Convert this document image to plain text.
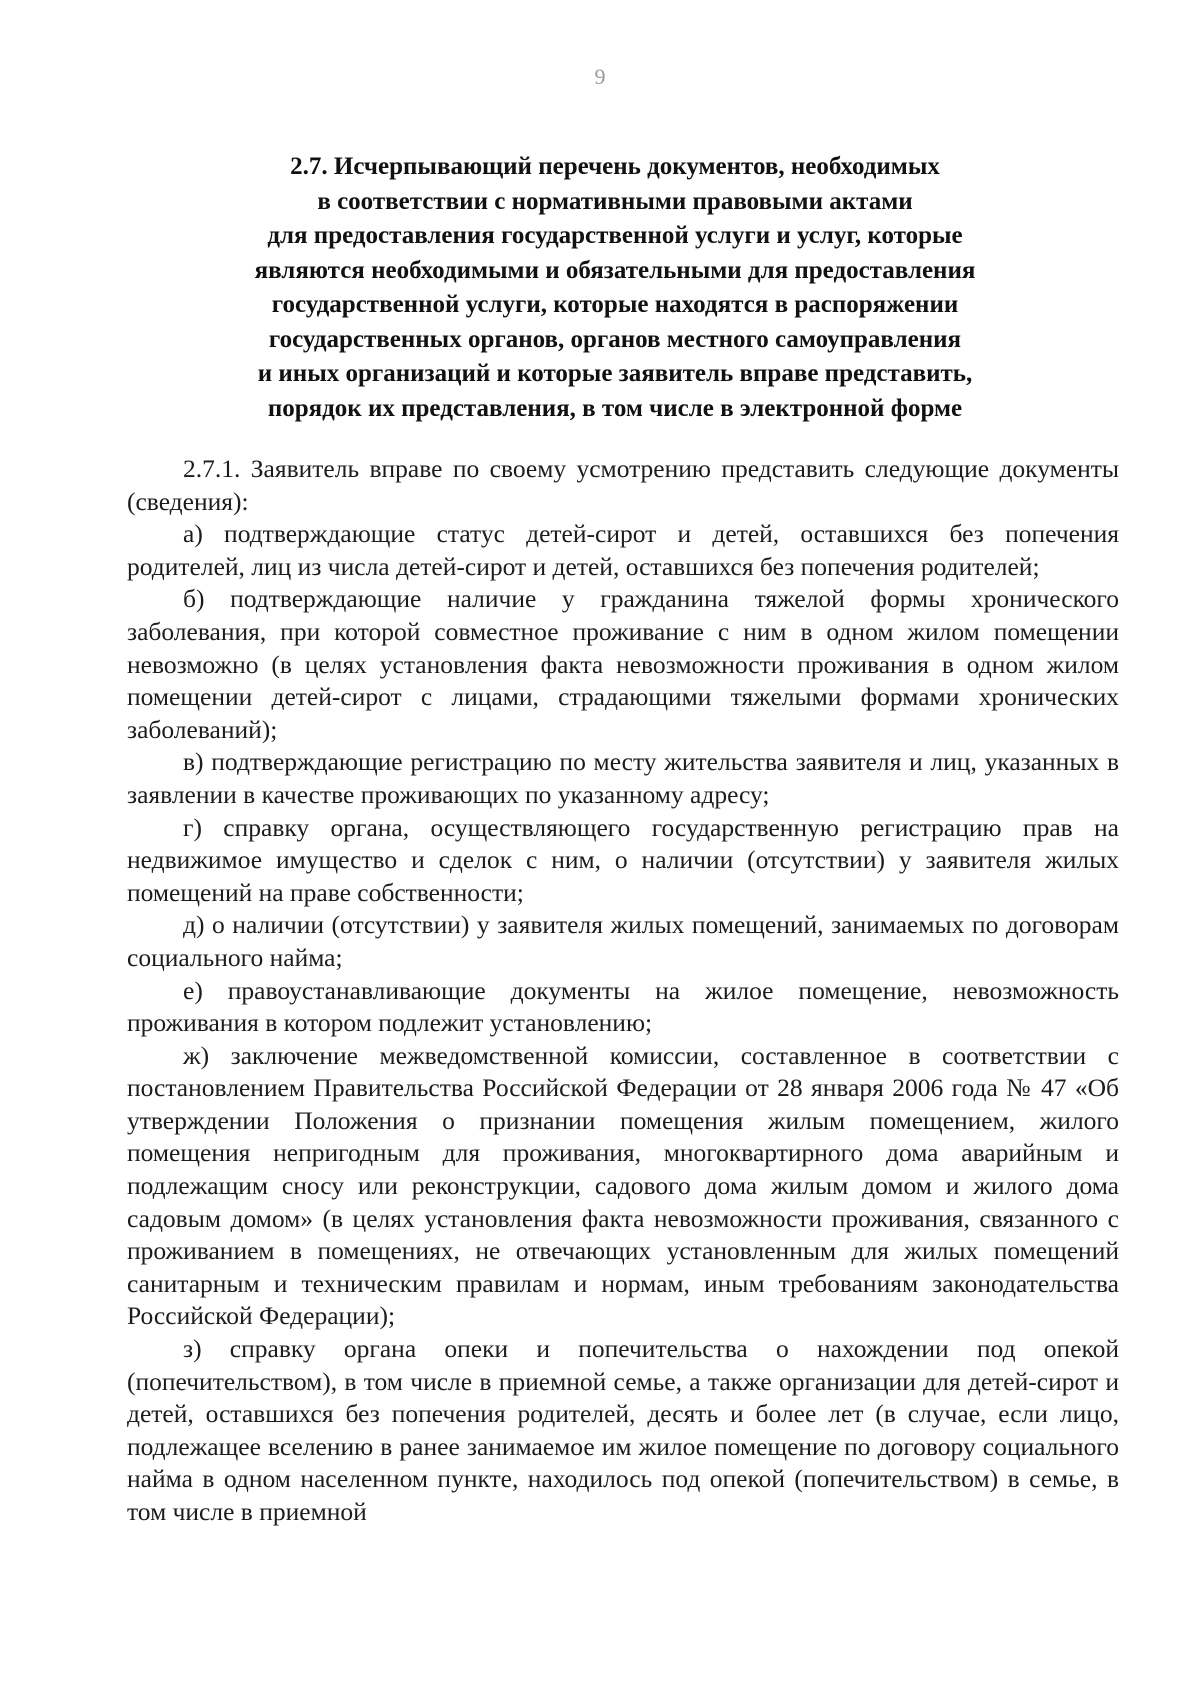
9
2.7. Исчерпывающий перечень документов, необходимых
в соответствии с нормативными правовыми актами
для предоставления государственной услуги и услуг, которые
являются необходимыми и обязательными для предоставления
государственной услуги, которые находятся в распоряжении
государственных органов, органов местного самоуправления
и иных организаций и которые заявитель вправе представить,
порядок их представления, в том числе в электронной форме

2.7.1. Заявитель вправе по своему усмотрению представить следующие документы (сведения):

а) подтверждающие статус детей-сирот и детей, оставшихся без попечения родителей, лиц из числа детей-сирот и детей, оставшихся без попечения родителей;

б) подтверждающие наличие у гражданина тяжелой формы хронического заболевания, при которой совместное проживание с ним в одном жилом помещении невозможно (в целях установления факта невозможности проживания в одном жилом помещении детей-сирот с лицами, страдающими тяжелыми формами хронических заболеваний);

в) подтверждающие регистрацию по месту жительства заявителя и лиц, указанных в заявлении в качестве проживающих по указанному адресу;

г) справку органа, осуществляющего государственную регистрацию прав на недвижимое имущество и сделок с ним, о наличии (отсутствии) у заявителя жилых помещений на праве собственности;

д) о наличии (отсутствии) у заявителя жилых помещений, занимаемых по договорам социального найма;

е) правоустанавливающие документы на жилое помещение, невозможность проживания в котором подлежит установлению;

ж) заключение межведомственной комиссии, составленное в соответствии с постановлением Правительства Российской Федерации от 28 января 2006 года № 47 «Об утверждении Положения о признании помещения жилым помещением, жилого помещения непригодным для проживания, многоквартирного дома аварийным и подлежащим сносу или реконструкции, садового дома жилым домом и жилого дома садовым домом» (в целях установления факта невозможности проживания, связанного с проживанием в помещениях, не отвечающих установленным для жилых помещений санитарным и техническим правилам и нормам, иным требованиям законодательства Российской Федерации);

з) справку органа опеки и попечительства о нахождении под опекой (попечительством), в том числе в приемной семье, а также организации для детей-сирот и детей, оставшихся без попечения родителей, десять и более лет (в случае, если лицо, подлежащее вселению в ранее занимаемое им жилое помещение по договору социального найма в одном населенном пункте, находилось под опекой (попечительством) в семье, в том числе в приемной
